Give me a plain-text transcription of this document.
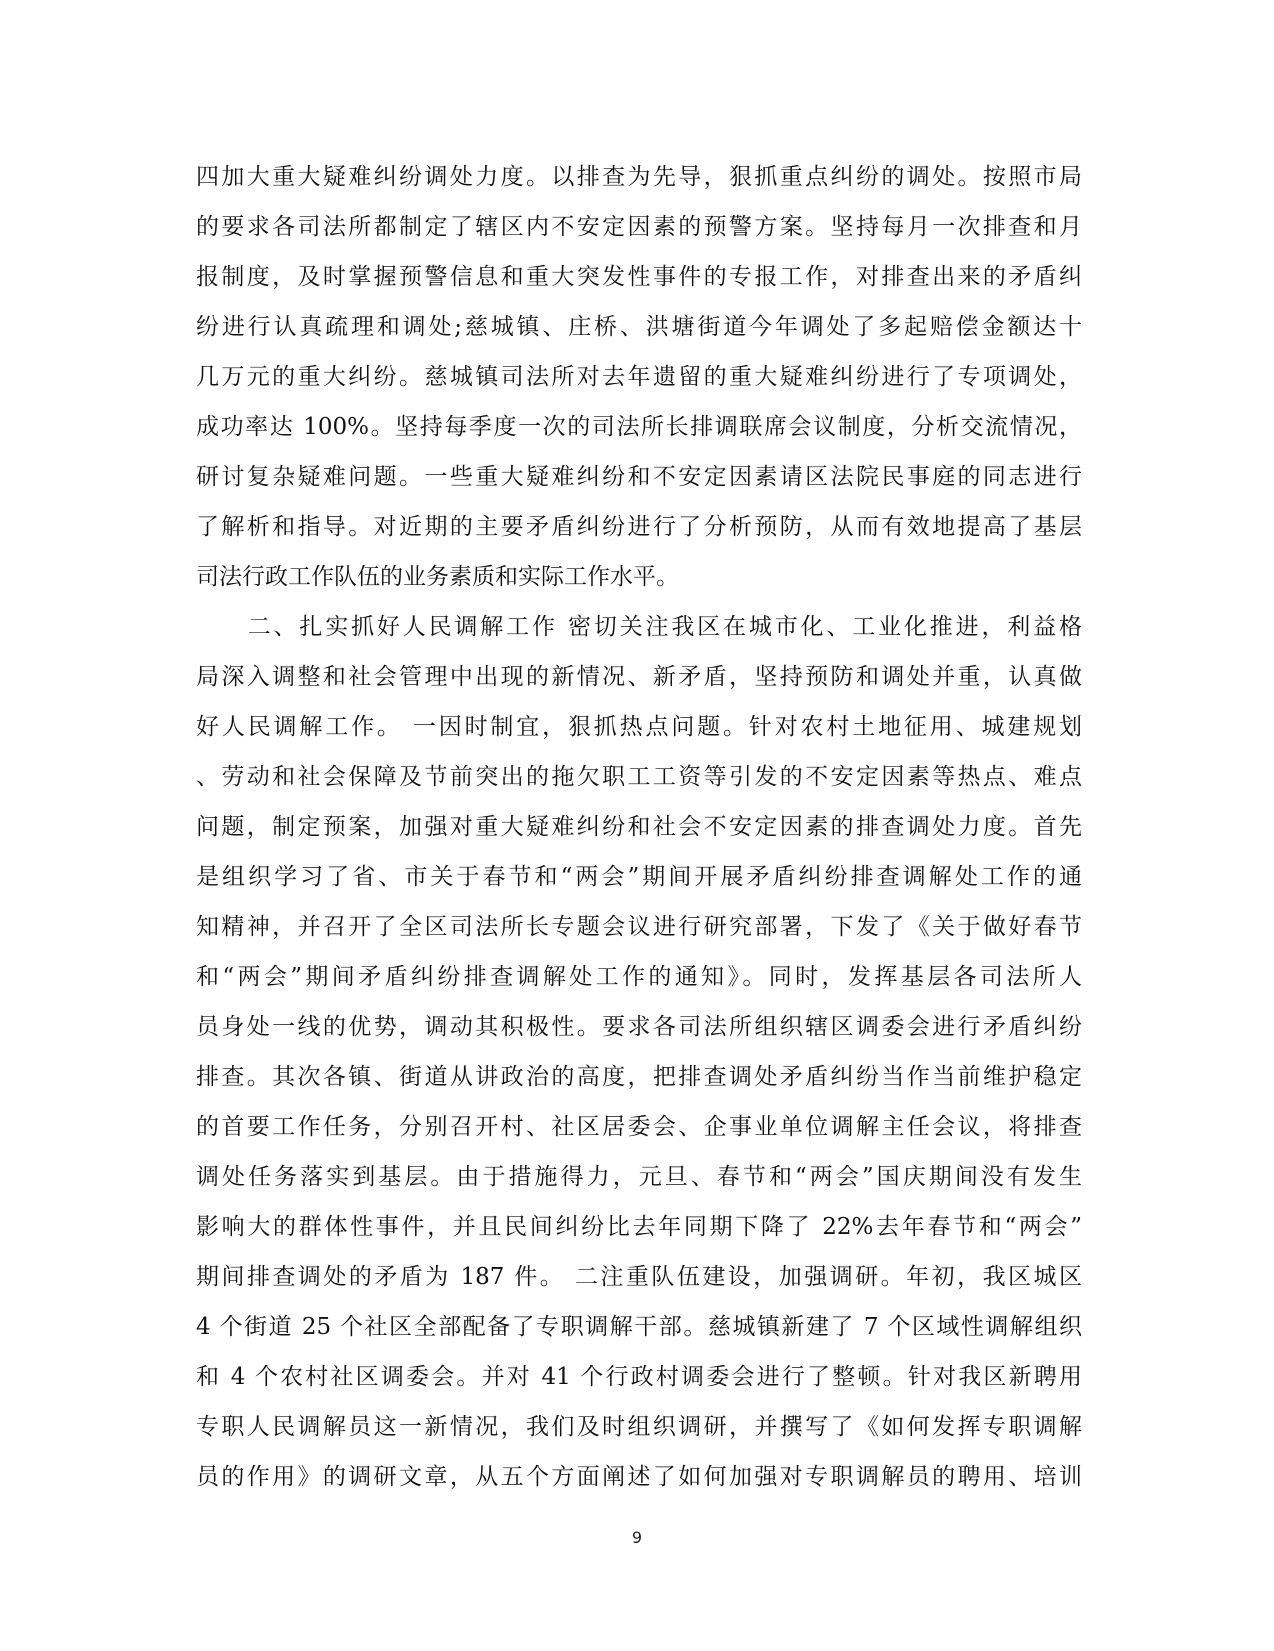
四加大重大疑难纠纷调处力度。以排查为先导，狠抓重点纠纷的调处。按照市局
的要求各司法所都制定了辖区内不安定因素的预警方案。坚持每月一次排查和月
报制度，及时掌握预警信息和重大突发性事件的专报工作，对排查出来的矛盾纠
纷进行认真疏理和调处;慈城镇、庄桥、洪塘街道今年调处了多起赔偿金额达十
几万元的重大纠纷。慈城镇司法所对去年遗留的重大疑难纠纷进行了专项调处，
成功率达 100%。坚持每季度一次的司法所长排调联席会议制度，分析交流情况，
研讨复杂疑难问题。一些重大疑难纠纷和不安定因素请区法院民事庭的同志进行
了解析和指导。对近期的主要矛盾纠纷进行了分析预防，从而有效地提高了基层
司法行政工作队伍的业务素质和实际工作水平。
　　二、扎实抓好人民调解工作 密切关注我区在城市化、工业化推进，利益格
局深入调整和社会管理中出现的新情况、新矛盾，坚持预防和调处并重，认真做
好人民调解工作。 一因时制宜，狠抓热点问题。针对农村土地征用、城建规划
、劳动和社会保障及节前突出的拖欠职工工资等引发的不安定因素等热点、难点
问题，制定预案，加强对重大疑难纠纷和社会不安定因素的排查调处力度。首先
是组织学习了省、市关于春节和“两会”期间开展矛盾纠纷排查调解处工作的通
知精神，并召开了全区司法所长专题会议进行研究部署，下发了《关于做好春节
和“两会”期间矛盾纠纷排查调解处工作的通知》。同时，发挥基层各司法所人
员身处一线的优势，调动其积极性。要求各司法所组织辖区调委会进行矛盾纠纷
排查。其次各镇、街道从讲政治的高度，把排查调处矛盾纠纷当作当前维护稳定
的首要工作任务，分别召开村、社区居委会、企事业单位调解主任会议，将排查
调处任务落实到基层。由于措施得力，元旦、春节和“两会”国庆期间没有发生
影响大的群体性事件，并且民间纠纷比去年同期下降了 22%去年春节和“两会”
期间排查调处的矛盾为 187 件。 二注重队伍建设，加强调研。年初，我区城区
4 个街道 25 个社区全部配备了专职调解干部。慈城镇新建了 7 个区域性调解组织
和 4 个农村社区调委会。并对 41 个行政村调委会进行了整顿。针对我区新聘用
专职人民调解员这一新情况，我们及时组织调研，并撰写了《如何发挥专职调解
员的作用》的调研文章，从五个方面阐述了如何加强对专职调解员的聘用、培训
9
